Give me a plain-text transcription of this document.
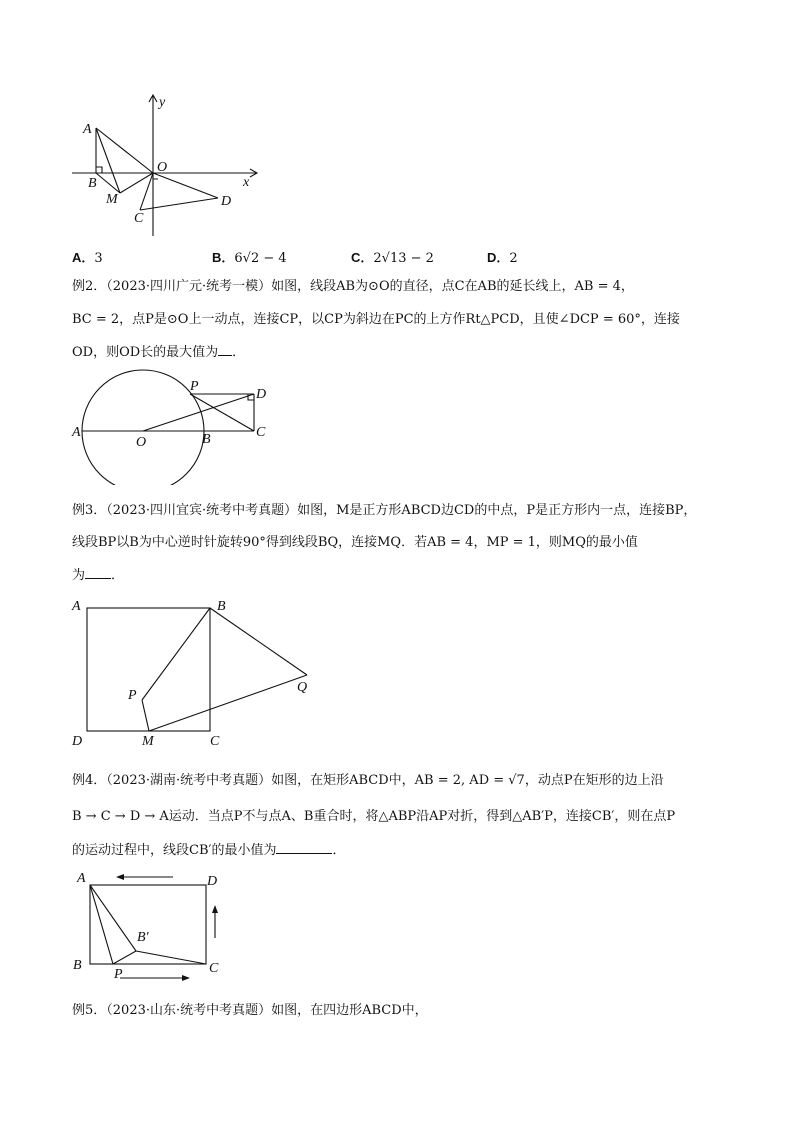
A
B
M
C
O
D
x
y
A．3	B．6√2 − 4	C．2√13 − 2	D．2
例2．（2023·四川广元·统考一模）如图，线段AB为⊙O的直径，点C在AB的延长线上，AB = 4，
BC = 2，点P是⊙O上一动点，连接CP，以CP为斜边在PC的上方作Rt△PCD，且使∠DCP = 60°，连接
OD，则OD长的最大值为 ．
P
D
A
O	B	C
例3．（2023·四川宜宾·统考中考真题）如图，M是正方形ABCD边CD的中点，P是正方形内一点，连接BP，
线段BP以B为中心逆时针旋转90°得到线段BQ，连接MQ．若AB = 4，MP = 1，则MQ的最小值
为 ．
A	B
P
Q
D	M	C
例4．（2023·湖南·统考中考真题）如图，在矩形ABCD中，AB = 2, AD = √7，动点P在矩形的边上沿
B → C → D → A运动．当点P不与点A、B重合时，将△ABP沿AP对折，得到△AB′P，连接CB′，则在点P
的运动过程中，线段CB′的最小值为	．
A	D
B′
B
P	C
例5．（2023·山东·统考中考真题）如图，在四边形ABCD中，
